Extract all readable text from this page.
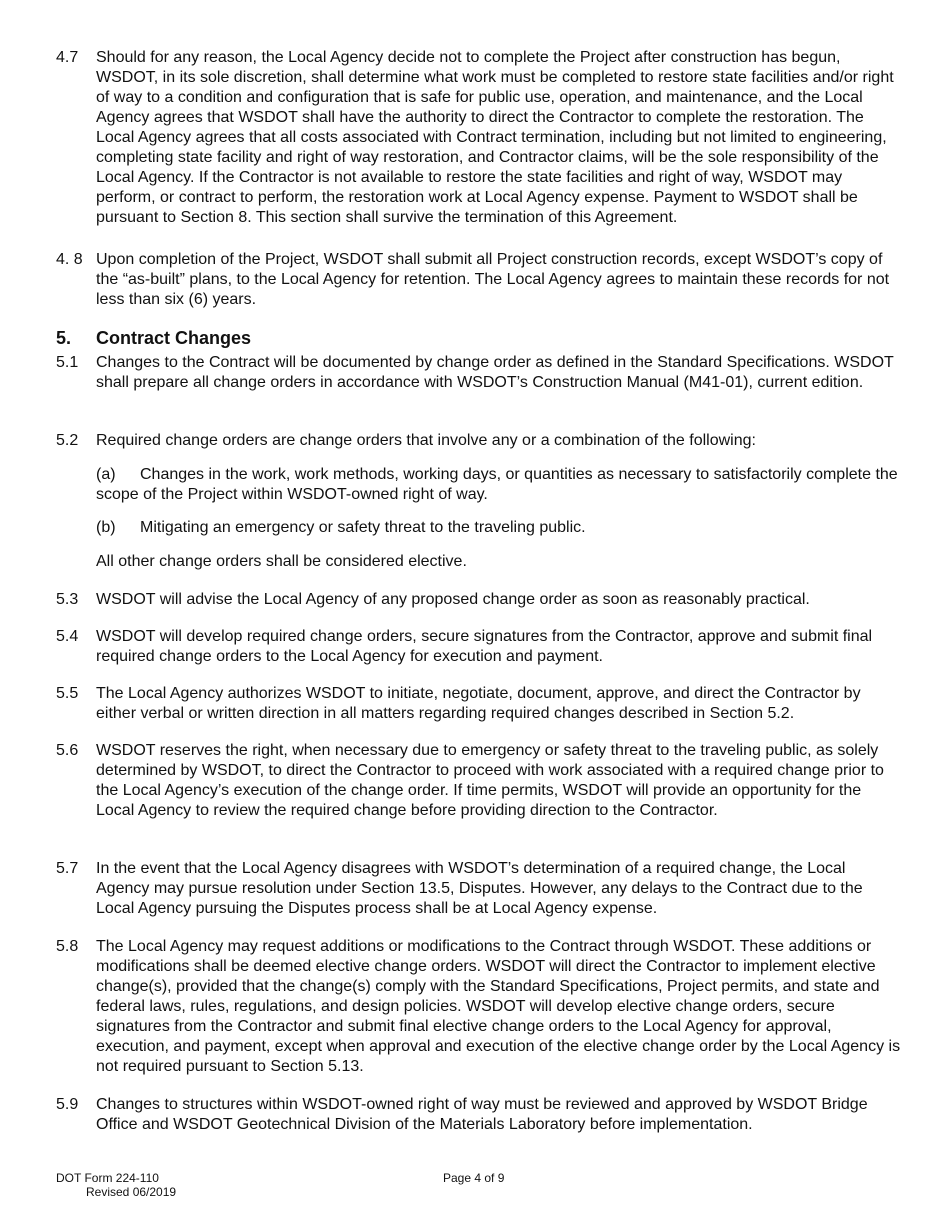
4.7	Should for any reason, the Local Agency decide not to complete the Project after construction has begun, WSDOT, in its sole discretion, shall determine what work must be completed to restore state facilities and/or right of way to a condition and configuration that is safe for public use, operation, and maintenance, and the Local Agency agrees that WSDOT shall have the authority to direct the Contractor to complete the restoration. The Local Agency agrees that all costs associated with Contract termination, including but not limited to engineering, completing state facility and right of way restoration, and Contractor claims, will be the sole responsibility of the Local Agency. If the Contractor is not available to restore the state facilities and right of way, WSDOT may perform, or contract to perform, the restoration work at Local Agency expense. Payment to WSDOT shall be pursuant to Section 8. This section shall survive the termination of this Agreement.
4. 8 Upon completion of the Project, WSDOT shall submit all Project construction records, except WSDOT’s copy of the “as-built” plans, to the Local Agency for retention. The Local Agency agrees to maintain these records for not less than six (6) years.
5. Contract Changes
5.1	Changes to the Contract will be documented by change order as defined in the Standard Specifications. WSDOT shall prepare all change orders in accordance with WSDOT’s Construction Manual (M41-01), current edition.
5.2	Required change orders are change orders that involve any or a combination of the following:
(a) Changes in the work, work methods, working days, or quantities as necessary to satisfactorily complete the scope of the Project within WSDOT-owned right of way.
(b) Mitigating an emergency or safety threat to the traveling public.
All other change orders shall be considered elective.
5.3	WSDOT will advise the Local Agency of any proposed change order as soon as reasonably practical.
5.4	WSDOT will develop required change orders, secure signatures from the Contractor, approve and submit final required change orders to the Local Agency for execution and payment.
5.5	The Local Agency authorizes WSDOT to initiate, negotiate, document, approve, and direct the Contractor by either verbal or written direction in all matters regarding required changes described in Section 5.2.
5.6	WSDOT reserves the right, when necessary due to emergency or safety threat to the traveling public, as solely determined by WSDOT, to direct the Contractor to proceed with work associated with a required change prior to the Local Agency’s execution of the change order. If time permits, WSDOT will provide an opportunity for the Local Agency to review the required change before providing direction to the Contractor.
5.7	In the event that the Local Agency disagrees with WSDOT’s determination of a required change, the Local Agency may pursue resolution under Section 13.5, Disputes. However, any delays to the Contract due to the Local Agency pursuing the Disputes process shall be at Local Agency expense.
5.8	The Local Agency may request additions or modifications to the Contract through WSDOT. These additions or modifications shall be deemed elective change orders. WSDOT will direct the Contractor to implement elective change(s), provided that the change(s) comply with the Standard Specifications, Project permits, and state and federal laws, rules, regulations, and design policies. WSDOT will develop elective change orders, secure signatures from the Contractor and submit final elective change orders to the Local Agency for approval, execution, and payment, except when approval and execution of the elective change order by the Local Agency is not required pursuant to Section 5.13.
5.9	Changes to structures within WSDOT-owned right of way must be reviewed and approved by WSDOT Bridge Office and WSDOT Geotechnical Division of the Materials Laboratory before implementation.
DOT Form 224-110
Revised 06/2019
Page 4 of 9
